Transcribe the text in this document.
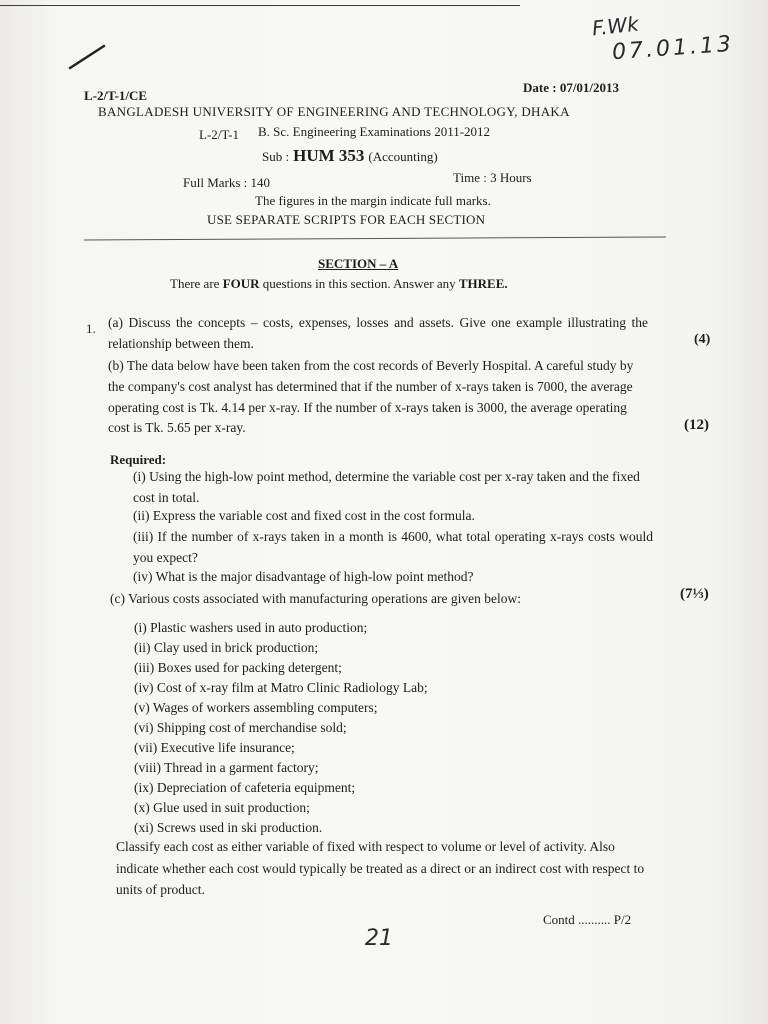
F.Wk
07.01.13
L-2/T-1/CE
Date : 07/01/2013
BANGLADESH UNIVERSITY OF ENGINEERING AND TECHNOLOGY, DHAKA
L-2/T-1 B. Sc. Engineering Examinations 2011-2012
Sub : HUM 353 (Accounting)
Full Marks : 140	Time : 3 Hours
The figures in the margin indicate full marks.
USE SEPARATE SCRIPTS FOR EACH SECTION
SECTION – A
There are FOUR questions in this section. Answer any THREE.
1. (a) Discuss the concepts – costs, expenses, losses and assets. Give one example illustrating the relationship between them.	(4)
(b) The data below have been taken from the cost records of Beverly Hospital. A careful study by the company's cost analyst has determined that if the number of x-rays taken is 7000, the average operating cost is Tk. 4.14 per x-ray. If the number of x-rays taken is 3000, the average operating cost is Tk. 5.65 per x-ray.	(12)
Required:
(i) Using the high-low point method, determine the variable cost per x-ray taken and the fixed cost in total.
(ii) Express the variable cost and fixed cost in the cost formula.
(iii) If the number of x-rays taken in a month is 4600, what total operating x-rays costs would you expect?
(iv) What is the major disadvantage of high-low point method?
(c) Various costs associated with manufacturing operations are given below:	(7⅓)
(i) Plastic washers used in auto production;
(ii) Clay used in brick production;
(iii) Boxes used for packing detergent;
(iv) Cost of x-ray film at Matro Clinic Radiology Lab;
(v) Wages of workers assembling computers;
(vi) Shipping cost of merchandise sold;
(vii) Executive life insurance;
(viii) Thread in a garment factory;
(ix) Depreciation of cafeteria equipment;
(x) Glue used in suit production;
(xi) Screws used in ski production.
Classify each cost as either variable of fixed with respect to volume or level of activity. Also indicate whether each cost would typically be treated as a direct or an indirect cost with respect to units of product.
Contd .......... P/2
21
